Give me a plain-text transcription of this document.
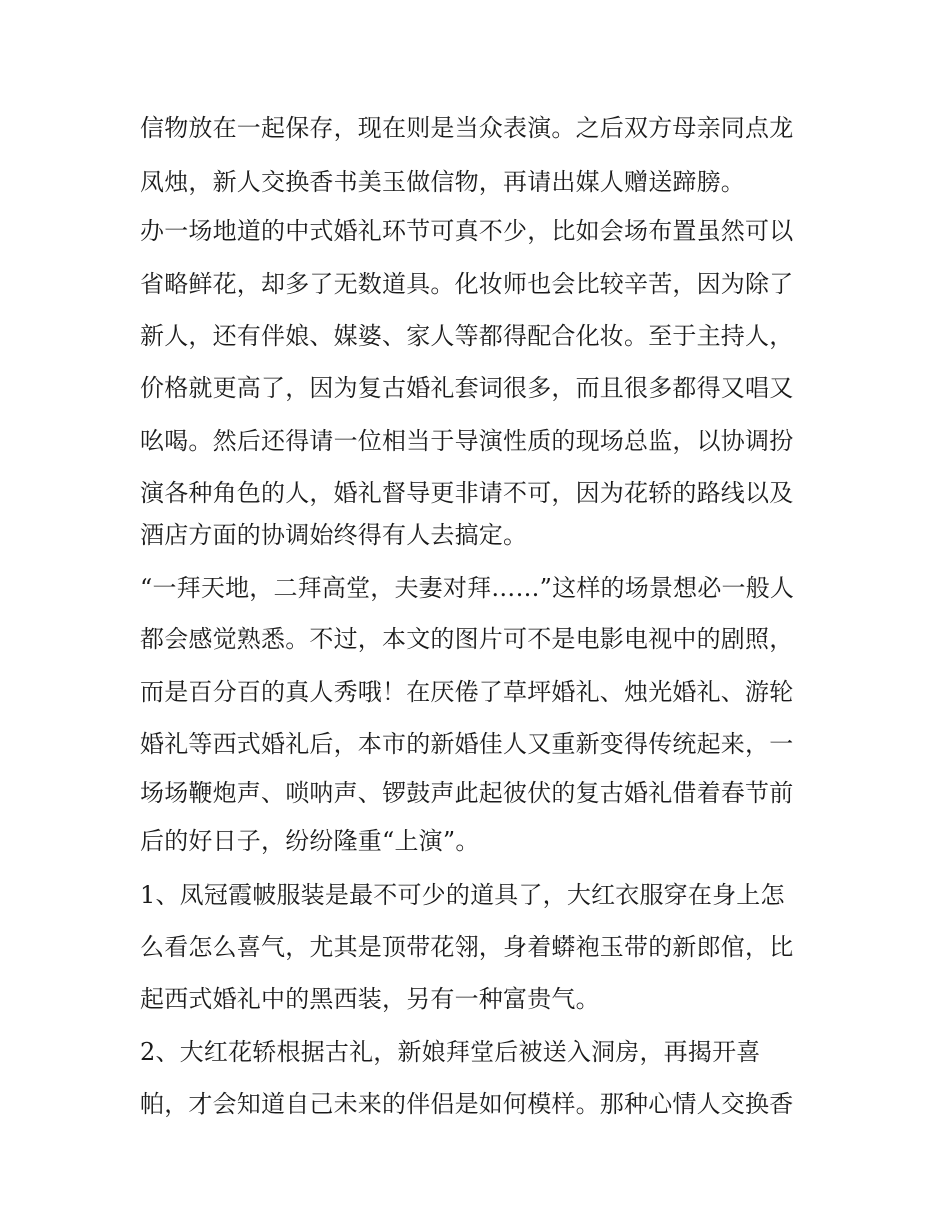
信物放在一起保存，现在则是当众表演。之后双方母亲同点龙
凤烛，新人交换香书美玉做信物，再请出媒人赠送蹄膀。
办一场地道的中式婚礼环节可真不少，比如会场布置虽然可以
省略鲜花，却多了无数道具。化妆师也会比较辛苦，因为除了
新人，还有伴娘、媒婆、家人等都得配合化妆。至于主持人，
价格就更高了，因为复古婚礼套词很多，而且很多都得又唱又
吆喝。然后还得请一位相当于导演性质的现场总监，以协调扮
演各种角色的人，婚礼督导更非请不可，因为花轿的路线以及
酒店方面的协调始终得有人去搞定。
“一拜天地，二拜高堂，夫妻对拜……”这样的场景想必一般人
都会感觉熟悉。不过，本文的图片可不是电影电视中的剧照，
而是百分百的真人秀哦！在厌倦了草坪婚礼、烛光婚礼、游轮
婚礼等西式婚礼后，本市的新婚佳人又重新变得传统起来，一
场场鞭炮声、唢呐声、锣鼓声此起彼伏的复古婚礼借着春节前
后的好日子，纷纷隆重“上演”。
1、凤冠霞帔服装是最不可少的道具了，大红衣服穿在身上怎
么看怎么喜气，尤其是顶带花翎，身着蟒袍玉带的新郎倌，比
起西式婚礼中的黑西装，另有一种富贵气。
2、大红花轿根据古礼，新娘拜堂后被送入洞房，再揭开喜
帕，才会知道自己未来的伴侣是如何模样。那种心情人交换香
